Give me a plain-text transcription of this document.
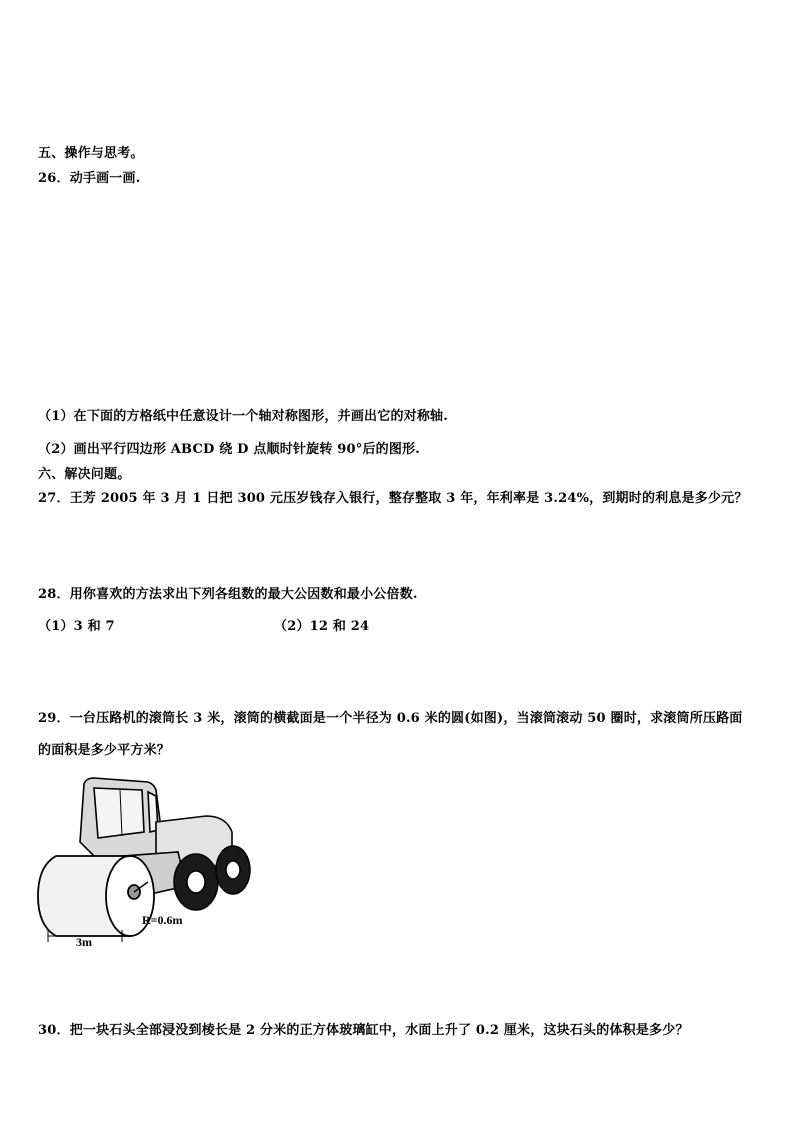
五、操作与思考。
26．动手画一画.
（1）在下面的方格纸中任意设计一个轴对称图形，并画出它的对称轴.
（2）画出平行四边形 ABCD 绕 D 点顺时针旋转 90°后的图形.
六、解决问题。
27．王芳 2005 年 3 月 1 日把 300 元压岁钱存入银行，整存整取 3 年，年利率是 3.24%，到期时的利息是多少元？
28．用你喜欢的方法求出下列各组数的最大公因数和最小公倍数.
（1）3 和 7	（2）12 和 24
29．一台压路机的滚筒长 3 米，滚筒的横截面是一个半径为 0.6 米的圆(如图)，当滚筒滚动 50 圈时，求滚筒所压路面
的面积是多少平方米？
R=0.6m
3m
30．把一块石头全部浸没到棱长是 2 分米的正方体玻璃缸中，水面上升了 0.2 厘米，这块石头的体积是多少？
